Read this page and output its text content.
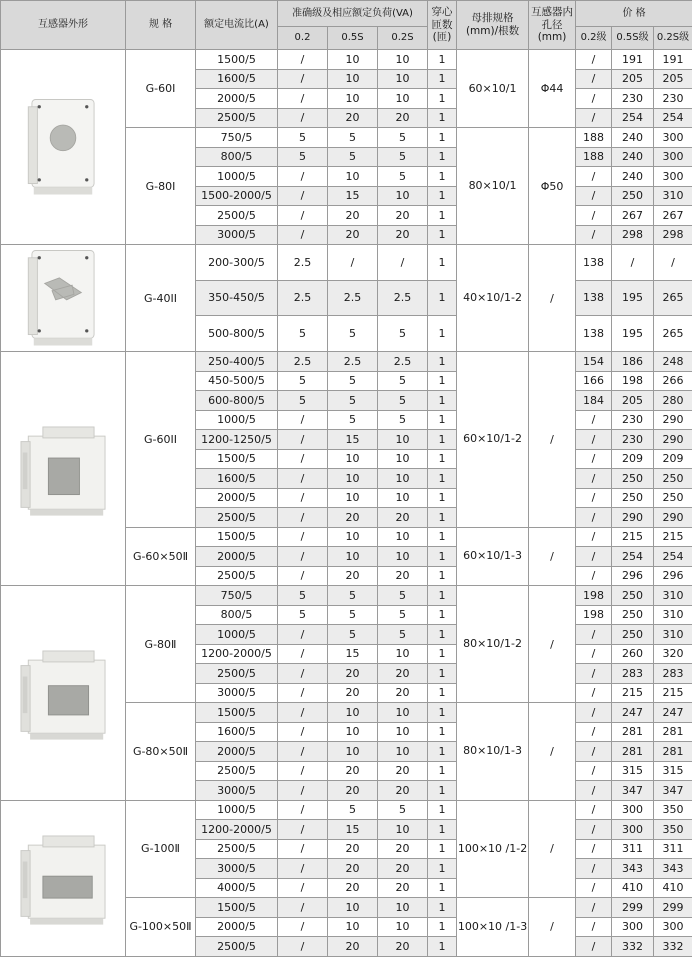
互感器外形	规 格	额定电流比(A)	准确级及相应额定负荷(VA)			穿心匝数(匝)	母排规格(mm)/根数	互感器内孔径(mm)	价 格		
			0.2	0.5S	0.2S				0.2级	0.5S级	0.2S级

	G-60I	1500/5	/	10	10	1	60×10/1	Φ44	/	191	191
		1600/5	/	10	10	1			/	205	205
		2000/5	/	10	10	1			/	230	230
		2500/5	/	20	20	1			/	254	254
	G-80I	750/5	5	5	5	1	80×10/1	Φ50	188	240	300
		800/5	5	5	5	1			188	240	300
		1000/5	/	10	5	1			/	240	300
		1500-2000/5	/	15	10	1			/	250	310
		2500/5	/	20	20	1			/	267	267
		3000/5	/	20	20	1			/	298	298

	G-40II	200-300/5	2.5	/	/	1	40×10/1-2	/	138	/	/
		350-450/5	2.5	2.5	2.5	1			138	195	265
		500-800/5	5	5	5	1			138	195	265

	G-60II	250-400/5	2.5	2.5	2.5	1	60×10/1-2	/	154	186	248
		450-500/5	5	5	5	1			166	198	266
		600-800/5	5	5	5	1			184	205	280
		1000/5	/	5	5	1			/	230	290
		1200-1250/5	/	15	10	1			/	230	290
		1500/5	/	10	10	1			/	209	209
		1600/5	/	10	10	1			/	250	250
		2000/5	/	10	10	1			/	250	250
		2500/5	/	20	20	1			/	290	290
	G-60×50Ⅱ	1500/5	/	10	10	1	60×10/1-3	/	/	215	215
		2000/5	/	10	10	1			/	254	254
		2500/5	/	20	20	1			/	296	296

	G-80Ⅱ	750/5	5	5	5	1	80×10/1-2	/	198	250	310
		800/5	5	5	5	1			198	250	310
		1000/5	/	5	5	1			/	250	310
		1200-2000/5	/	15	10	1			/	260	320
		2500/5	/	20	20	1			/	283	283
		3000/5	/	20	20	1			/	215	215
	G-80×50Ⅱ	1500/5	/	10	10	1	80×10/1-3	/	/	247	247
		1600/5	/	10	10	1			/	281	281
		2000/5	/	10	10	1			/	281	281
		2500/5	/	20	20	1			/	315	315
		3000/5	/	20	20	1			/	347	347

	G-100Ⅱ	1000/5	/	5	5	1	100×10 /1-2	/	/	300	350
		1200-2000/5	/	15	10	1			/	300	350
		2500/5	/	20	20	1			/	311	311
		3000/5	/	20	20	1			/	343	343
		4000/5	/	20	20	1			/	410	410
	G-100×50Ⅱ	1500/5	/	10	10	1	100×10 /1-3	/	/	299	299
		2000/5	/	10	10	1			/	300	300
		2500/5	/	20	20	1			/	332	332
